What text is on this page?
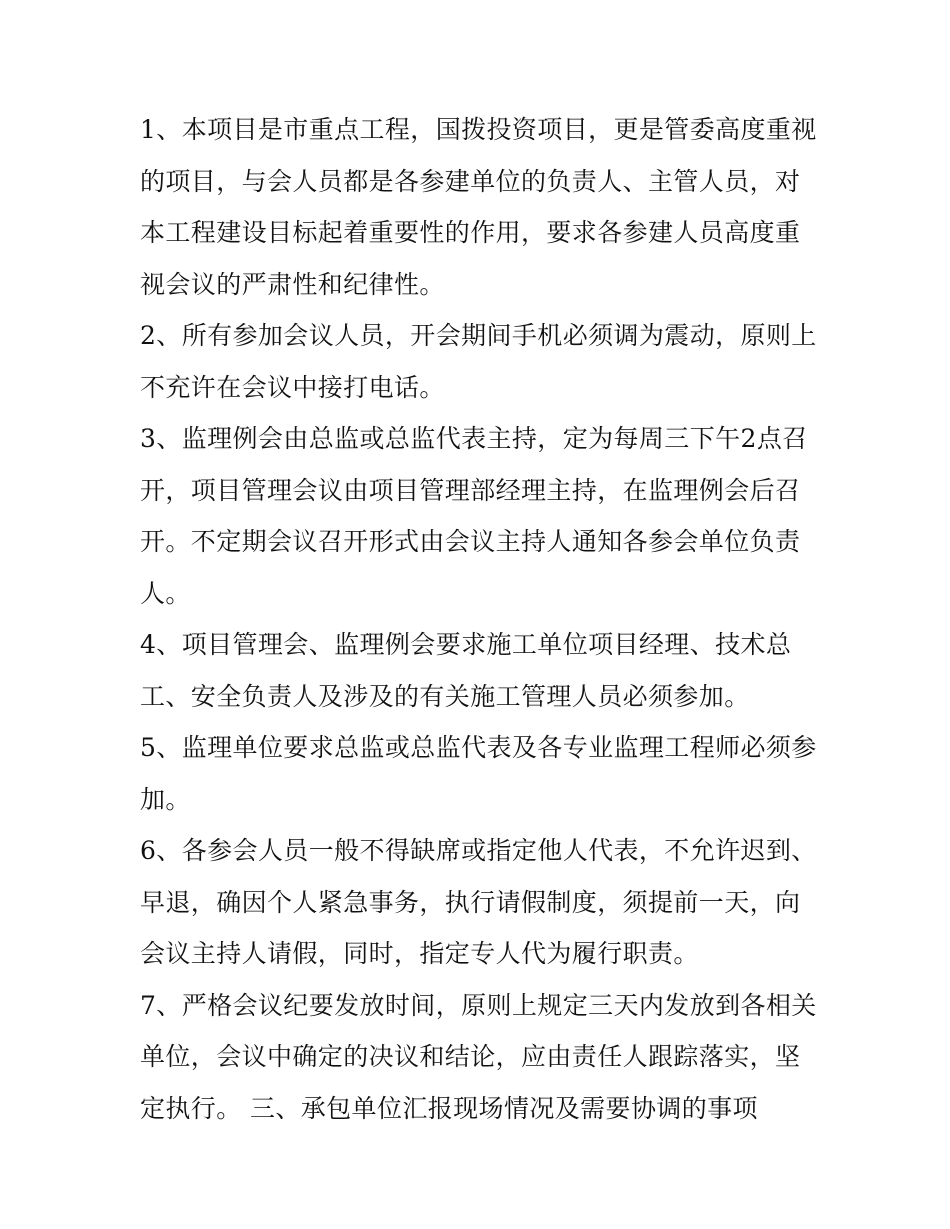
1、本项目是市重点工程，国拨投资项目，更是管委高度重视的项目，与会人员都是各参建单位的负责人、主管人员，对本工程建设目标起着重要性的作用，要求各参建人员高度重视会议的严肃性和纪律性。

2、所有参加会议人员，开会期间手机必须调为震动，原则上不充许在会议中接打电话。

3、监理例会由总监或总监代表主持，定为每周三下午2点召开，项目管理会议由项目管理部经理主持，在监理例会后召开。不定期会议召开形式由会议主持人通知各参会单位负责人。

4、项目管理会、监理例会要求施工单位项目经理、技术总工、安全负责人及涉及的有关施工管理人员必须参加。

5、监理单位要求总监或总监代表及各专业监理工程师必须参加。

6、各参会人员一般不得缺席或指定他人代表，不允许迟到、早退，确因个人紧急事务，执行请假制度，须提前一天，向会议主持人请假，同时，指定专人代为履行职责。

7、严格会议纪要发放时间，原则上规定三天内发放到各相关单位，会议中确定的决议和结论，应由责任人跟踪落实，坚定执行。 三、承包单位汇报现场情况及需要协调的事项
